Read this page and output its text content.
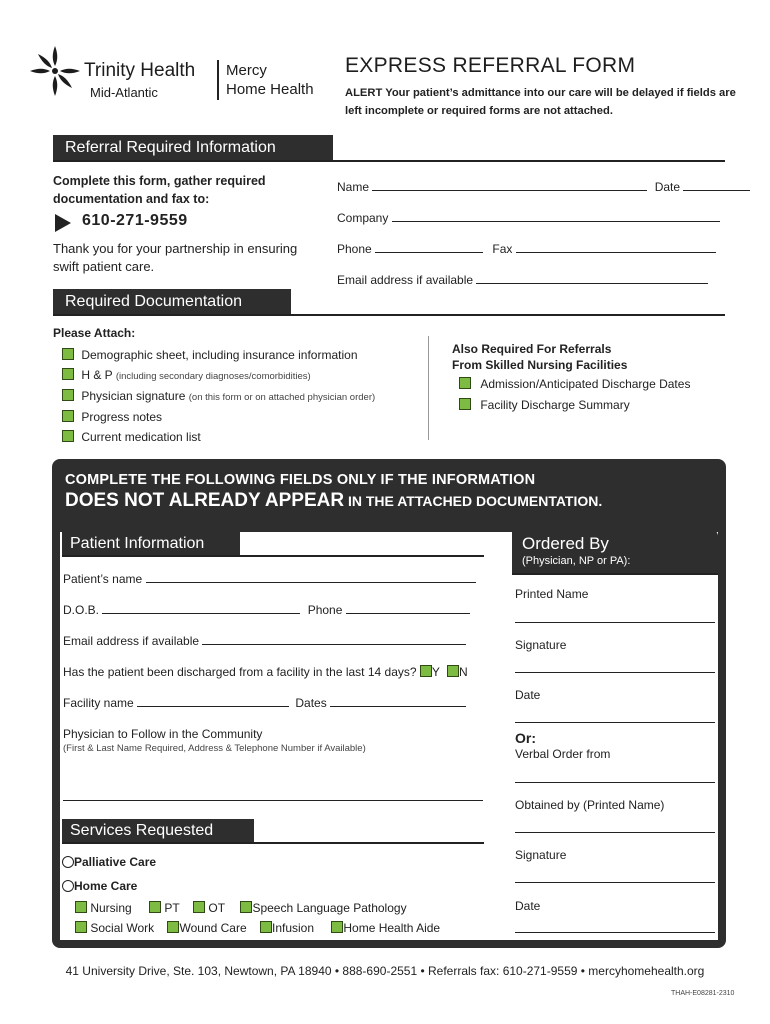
Trinity Health
Mid-Atlantic
Mercy
Home Health
EXPRESS REFERRAL FORM
ALERT Your patient’s admittance into our care will be delayed if fields are left incomplete or required forms are not attached.
Referral Required Information
Complete this form, gather required documentation and fax to:
610-271-9559
Thank you for your partnership in ensuring swift patient care.
Name	Date
Company
Phone	Fax
Email address if available
Required Documentation
Please Attach:
Demographic sheet, including insurance information
H & P (including secondary diagnoses/comorbidities)
Physician signature (on this form or on attached physician order)
Progress notes
Current medication list
Also Required For Referrals
From Skilled Nursing Facilities
Admission/Anticipated Discharge Dates
Facility Discharge Summary
COMPLETE THE FOLLOWING FIELDS ONLY IF THE INFORMATION
DOES NOT ALREADY APPEAR IN THE ATTACHED DOCUMENTATION.
Patient Information
Patient’s name
D.O.B.	Phone
Email address if available
Has the patient been discharged from a facility in the last 14 days? Y N
Facility name	Dates
Physician to Follow in the Community
(First & Last Name Required, Address & Telephone Number if Available)
Ordered By
(Physician, NP or PA):
Printed Name
Signature
Date
Or:
Verbal Order from
Obtained by (Printed Name)
Signature
Date
Services Requested
Palliative Care
Home Care
Nursing	PT OT Speech Language Pathology
Social Work Wound Care Infusion Home Health Aide
41 University Drive, Ste. 103, Newtown, PA 18940 • 888-690-2551 • Referrals fax: 610-271-9559 • mercyhomehealth.org
THAH-E08281-2310
